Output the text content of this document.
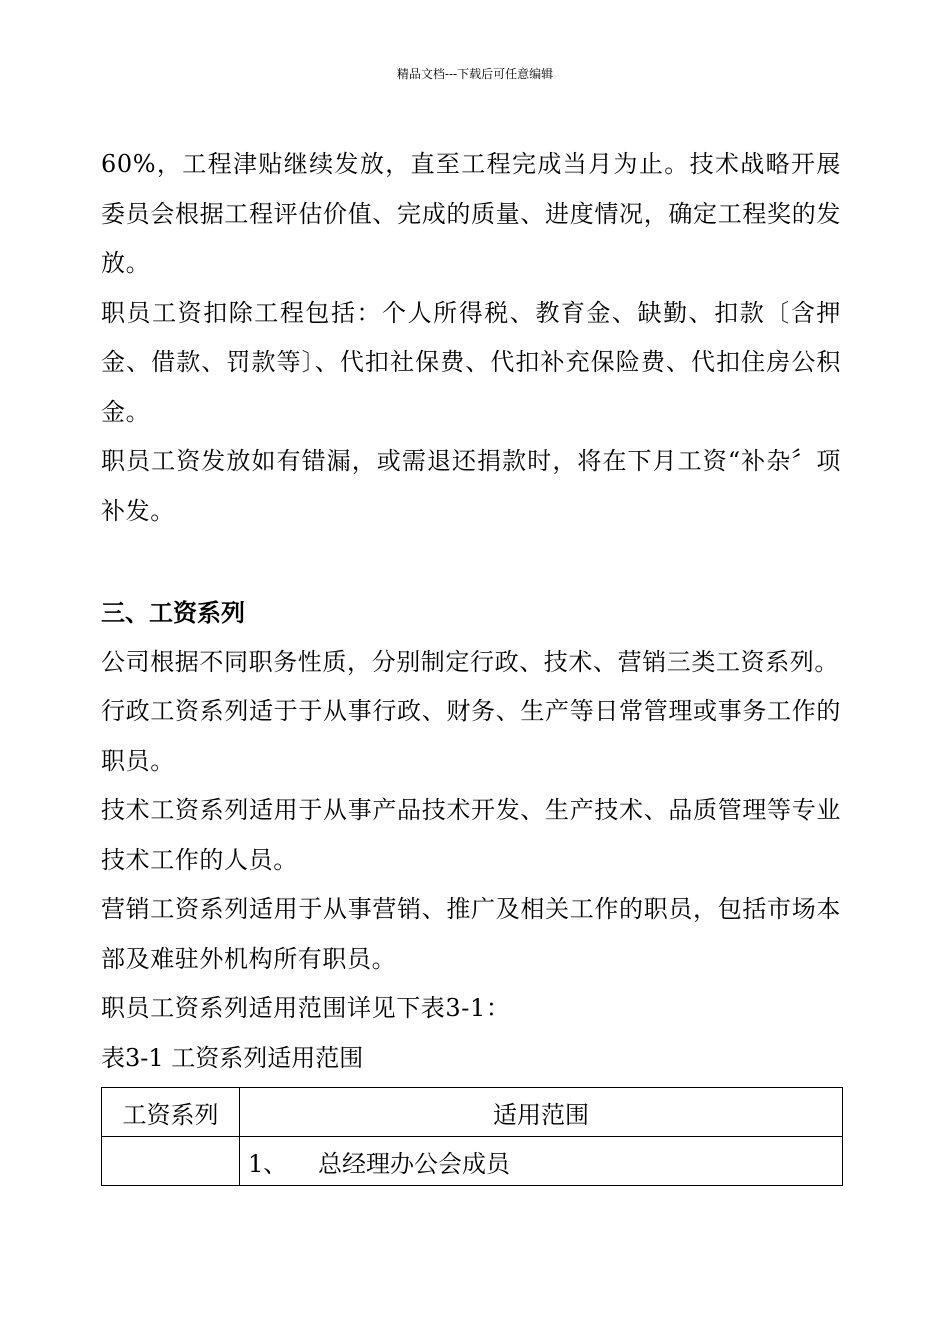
精品文档---下载后可任意编辑

60%，工程津贴继续发放，直至工程完成当月为止。技术战略开展委员会根据工程评估价值、完成的质量、进度情况，确定工程奖的发放。

职员工资扣除工程包括：个人所得税、教育金、缺勤、扣款〔含押金、借款、罚款等〕、代扣社保费、代扣补充保险费、代扣住房公积金。

职员工资发放如有错漏，或需退还捐款时，将在下月工资“补杂〞项补发。

三、工资系列

公司根据不同职务性质，分别制定行政、技术、营销三类工资系列。

行政工资系列适于于从事行政、财务、生产等日常管理或事务工作的职员。

技术工资系列适用于从事产品技术开发、生产技术、品质管理等专业技术工作的人员。

营销工资系列适用于从事营销、推广及相关工作的职员，包括市场本部及难驻外机构所有职员。

职员工资系列适用范围详见下表3-1：

表3-1 工资系列适用范围

工资系列	适用范围
	1、 总经理办公会成员
